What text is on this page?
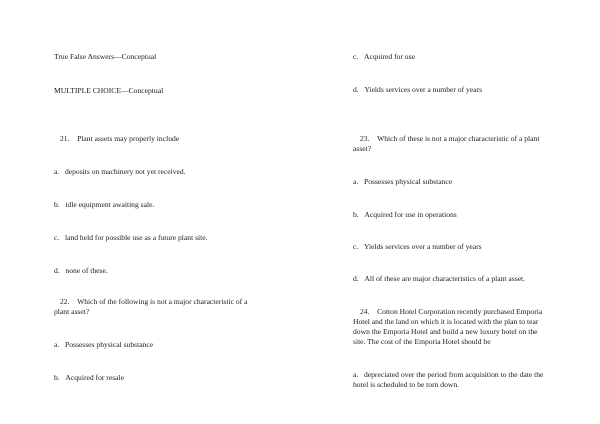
True False Answers—Conceptual
MULTIPLE CHOICE—Conceptual
21.    Plant assets may properly include
a.   deposits on machinery not yet received.
b.   idle equipment awaiting sale.
c.   land held for possible use as a future plant site.
d.   none of these.
22.    Which of the following is not a major characteristic of a
plant asset?
a.   Possesses physical substance
b.   Acquired for resale
c.   Acquired for use
d.   Yields services over a number of years
23.    Which of these is not a major characteristic of a plant
asset?
a.   Possesses physical substance
b.   Acquired for use in operations
c.   Yields services over a number of years
d.   All of these are major characteristics of a plant asset.
24.    Cotton Hotel Corporation recently purchased Emporia
Hotel and the land on which it is located with the plan to tear
down the Emporia Hotel and build a new luxury hotel on the
site. The cost of the Emporia Hotel should be
a.   depreciated over the period from acquisition to the date the
hotel is scheduled to be torn down.
